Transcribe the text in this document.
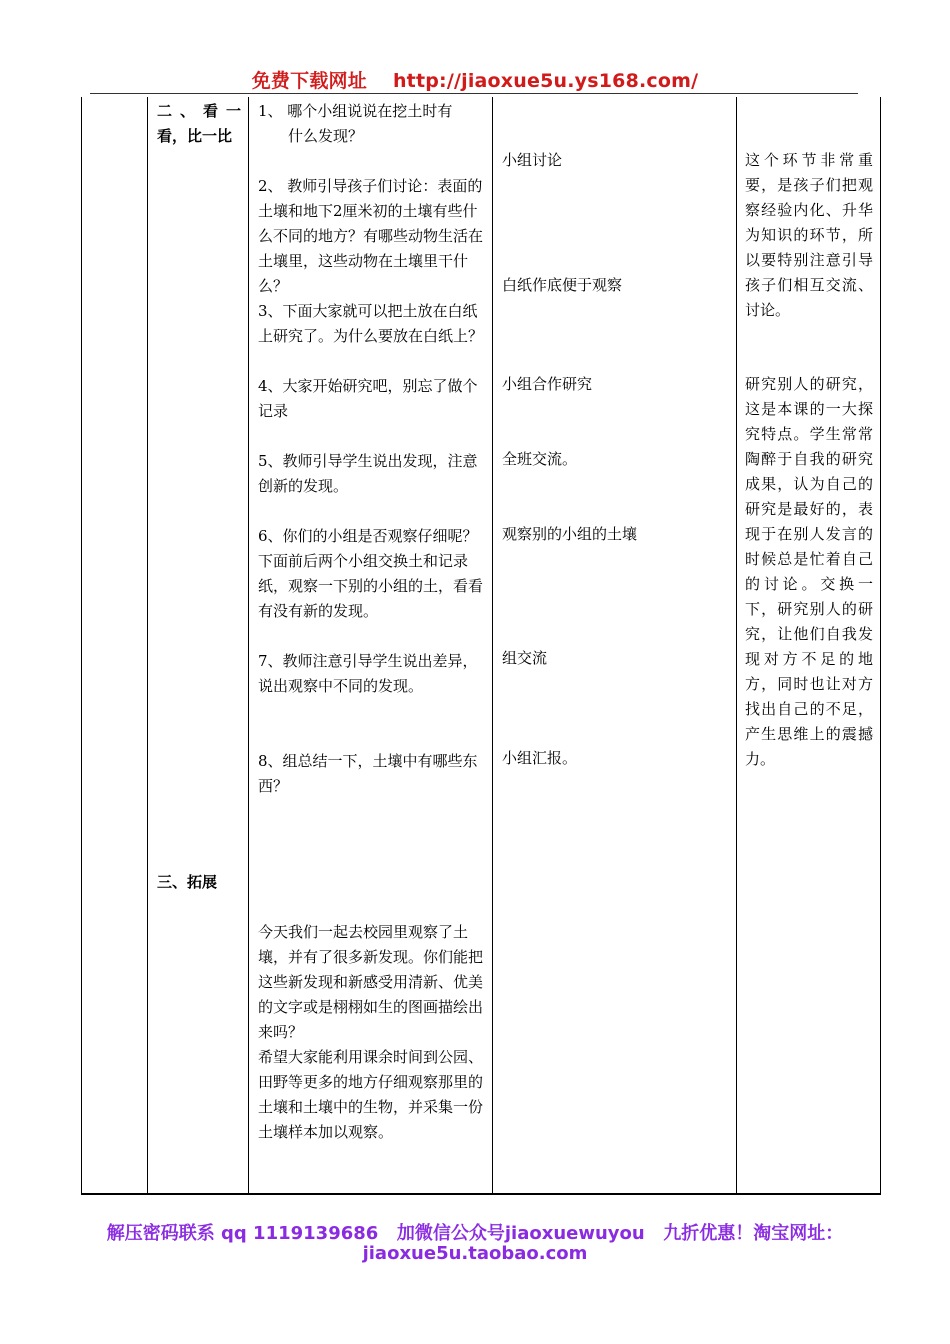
免费下载网址 http://jiaoxue5u.ys168.com/
二、看一
看，比一比
三、拓展
1、 哪个小组说说在挖土时有
什么发现？
2、 教师引导孩子们讨论：表面的土壤和地下2厘米初的土壤有些什么不同的地方？有哪些动物生活在土壤里，这些动物在土壤里干什么？
3、下面大家就可以把土放在白纸上研究了。为什么要放在白纸上？
4、大家开始研究吧，别忘了做个记录
5、教师引导学生说出发现，注意创新的发现。
6、你们的小组是否观察仔细呢？下面前后两个小组交换土和记录纸，观察一下别的小组的土，看看有没有新的发现。
7、教师注意引导学生说出差异，说出观察中不同的发现。
8、组总结一下，土壤中有哪些东西？
今天我们一起去校园里观察了土壤，并有了很多新发现。你们能把这些新发现和新感受用清新、优美的文字或是栩栩如生的图画描绘出来吗？
希望大家能利用课余时间到公园、田野等更多的地方仔细观察那里的土壤和土壤中的生物，并采集一份土壤样本加以观察。
小组讨论
白纸作底便于观察
小组合作研究
全班交流。
观察别的小组的土壤
组交流
小组汇报。
这个环节非常重要，是孩子们把观察经验内化、升华为知识的环节，所以要特别注意引导孩子们相互交流、讨论。
研究别人的研究，这是本课的一大探究特点。学生常常陶醉于自我的研究成果，认为自己的研究是最好的，表现于在别人发言的时候总是忙着自己的讨论。交换一下，研究别人的研究，让他们自我发现对方不足的地方，同时也让对方找出自己的不足，产生思维上的震撼力。
解压密码联系 qq 1119139686 加微信公众号jiaoxuewuyou 九折优惠！淘宝网址：
jiaoxue5u.taobao.com
